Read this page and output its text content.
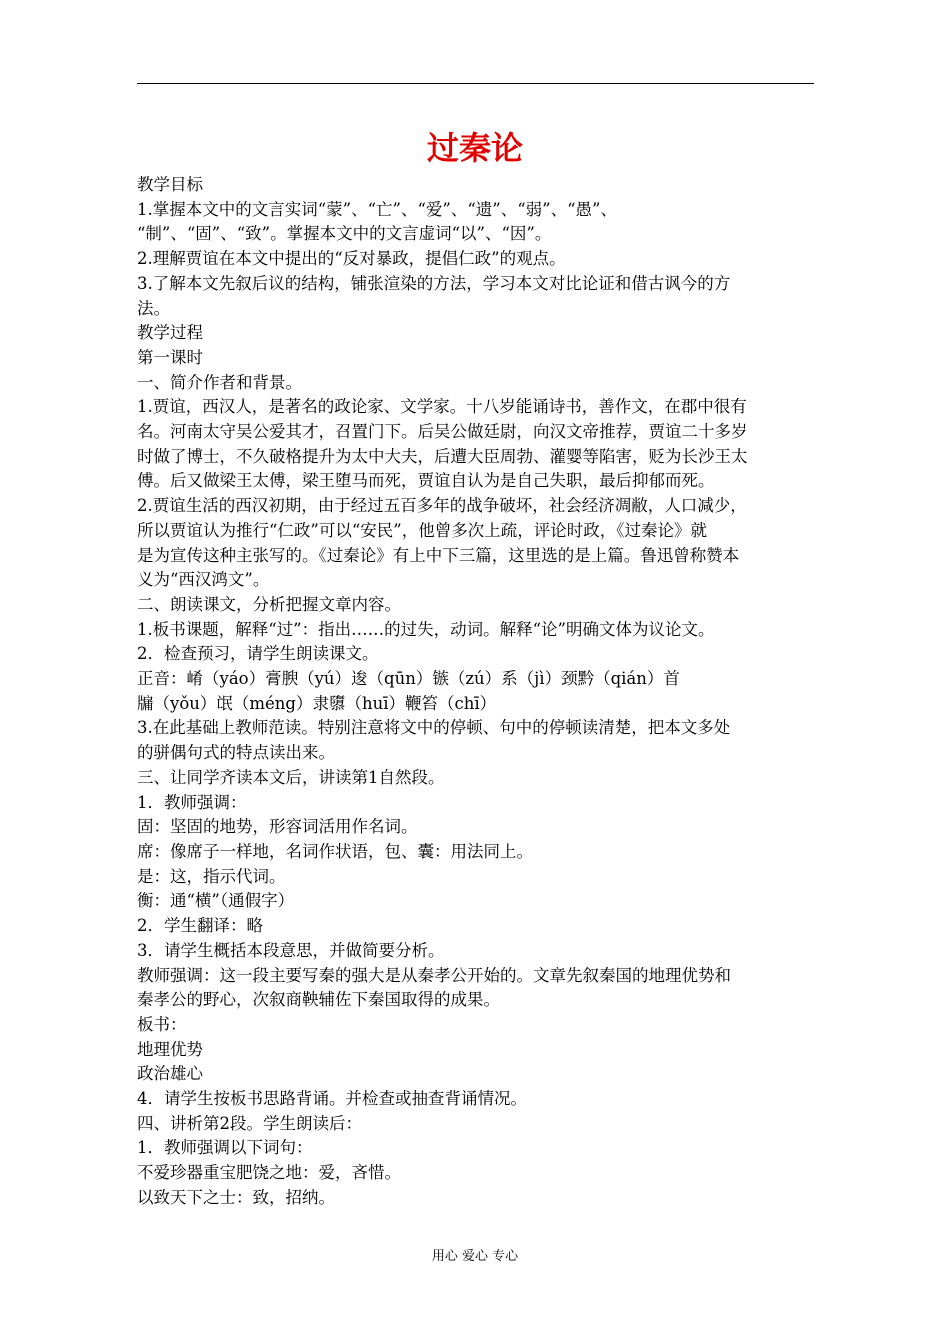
过秦论

教学目标

1.掌握本文中的文言实词“蒙”、“亡”、“爱”、“遗”、“弱”、“愚”、

“制”、“固”、“致”。掌握本文中的文言虚词“以”、“因”。

2.理解贾谊在本文中提出的“反对暴政，提倡仁政”的观点。

3.了解本文先叙后议的结构，铺张渲染的方法，学习本文对比论证和借古讽今的方

法。

教学过程

第一课时

一、简介作者和背景。

1.贾谊，西汉人，是著名的政论家、文学家。十八岁能诵诗书，善作文，在郡中很有

名。河南太守吴公爱其才，召置门下。后吴公做廷尉，向汉文帝推荐，贾谊二十多岁

时做了博士，不久破格提升为太中大夫，后遭大臣周勃、灌婴等陷害，贬为长沙王太

傅。后又做梁王太傅，梁王堕马而死，贾谊自认为是自己失职，最后抑郁而死。

2.贾谊生活的西汉初期，由于经过五百多年的战争破坏，社会经济凋敝，人口减少，

所以贾谊认为推行“仁政”可以“安民”，他曾多次上疏，评论时政，《过秦论》就

是为宣传这种主张写的。《过秦论》有上中下三篇，这里选的是上篇。鲁迅曾称赞本

义为“西汉鸿文”。

二、朗读课文，分析把握文章内容。

1.板书课题，解释“过”：指出……的过失，动词。解释“论”明确文体为议论文。

2．检查预习，请学生朗读课文。

正音：崤（yáo）膏腴（yú）逡（qūn）镞（zú）系（jì）颈黔（qián）首

牖（yǒu）氓（méng）隶隳（huī）鞭笞（chī）

3.在此基础上教师范读。特别注意将文中的停顿、句中的停顿读清楚，把本文多处

的骈偶句式的特点读出来。

三、让同学齐读本文后，讲读第1自然段。

1．教师强调：

固：坚固的地势，形容词活用作名词。

席：像席子一样地，名词作状语，包、囊：用法同上。

是：这，指示代词。

衡：通“横”（通假字）

2．学生翻译：略

3．请学生概括本段意思，并做简要分析。

教师强调：这一段主要写秦的强大是从秦孝公开始的。文章先叙秦国的地理优势和

秦孝公的野心，次叙商鞅辅佐下秦国取得的成果。

板书：

地理优势

政治雄心

4．请学生按板书思路背诵。并检查或抽查背诵情况。

四、讲析第2段。学生朗读后：

1．教师强调以下词句：

不爱珍器重宝肥饶之地：爱，吝惜。

以致天下之士：致，招纳。

用心 爱心 专心
